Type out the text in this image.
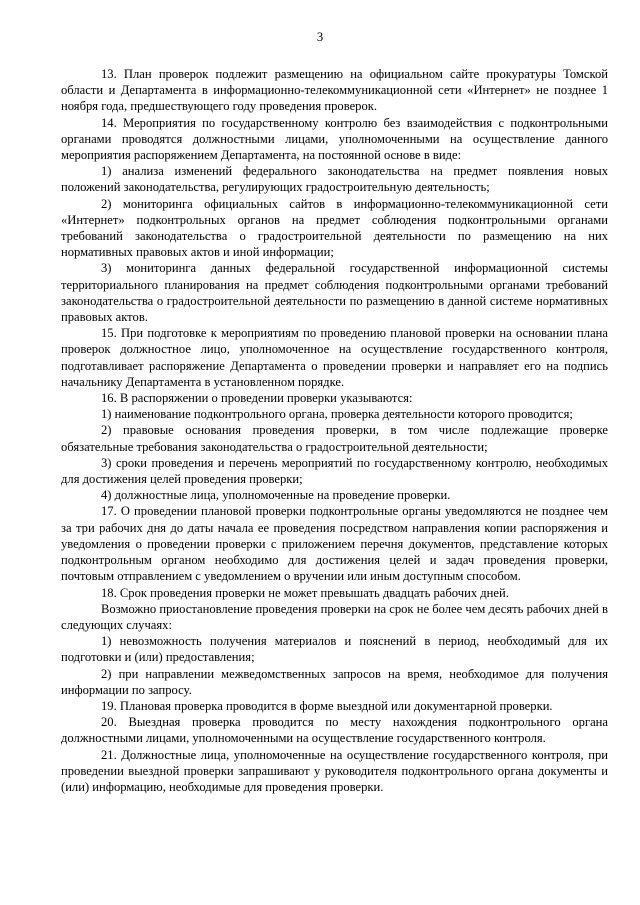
3

13. План проверок подлежит размещению на официальном сайте прокуратуры Томской области и Департамента в информационно-телекоммуникационной сети «Интернет» не позднее 1 ноября года, предшествующего году проведения проверок.

14. Мероприятия по государственному контролю без взаимодействия с подконтрольными органами проводятся должностными лицами, уполномоченными на осуществление данного мероприятия распоряжением Департамента, на постоянной основе в виде:

1) анализа изменений федерального законодательства на предмет появления новых положений законодательства, регулирующих градостроительную деятельность;

2) мониторинга официальных сайтов в информационно-телекоммуникационной сети «Интернет» подконтрольных органов на предмет соблюдения подконтрольными органами требований законодательства о градостроительной деятельности по размещению на них нормативных правовых актов и иной информации;

3) мониторинга данных федеральной государственной информационной системы территориального планирования на предмет соблюдения подконтрольными органами требований законодательства о градостроительной деятельности по размещению в данной системе нормативных правовых актов.

15. При подготовке к мероприятиям по проведению плановой проверки на основании плана проверок должностное лицо, уполномоченное на осуществление государственного контроля, подготавливает распоряжение Департамента о проведении проверки и направляет его на подпись начальнику Департамента в установленном порядке.

16. В распоряжении о проведении проверки указываются:

1) наименование подконтрольного органа, проверка деятельности которого проводится;

2) правовые основания проведения проверки, в том числе подлежащие проверке обязательные требования законодательства о градостроительной деятельности;

3) сроки проведения и перечень мероприятий по государственному контролю, необходимых для достижения целей проведения проверки;

4) должностные лица, уполномоченные на проведение проверки.

17. О проведении плановой проверки подконтрольные органы уведомляются не позднее чем за три рабочих дня до даты начала ее проведения посредством направления копии распоряжения и уведомления о проведении проверки с приложением перечня документов, представление которых подконтрольным органом необходимо для достижения целей и задач проведения проверки, почтовым отправлением с уведомлением о вручении или иным доступным способом.

18. Срок проведения проверки не может превышать двадцать рабочих дней.

Возможно приостановление проведения проверки на срок не более чем десять рабочих дней в следующих случаях:

1) невозможность получения материалов и пояснений в период, необходимый для их подготовки и (или) предоставления;

2) при направлении межведомственных запросов на время, необходимое для получения информации по запросу.

19. Плановая проверка проводится в форме выездной или документарной проверки.

20. Выездная проверка проводится по месту нахождения подконтрольного органа должностными лицами, уполномоченными на осуществление государственного контроля.

21. Должностные лица, уполномоченные на осуществление государственного контроля, при проведении выездной проверки запрашивают у руководителя подконтрольного органа документы и (или) информацию, необходимые для проведения проверки.
